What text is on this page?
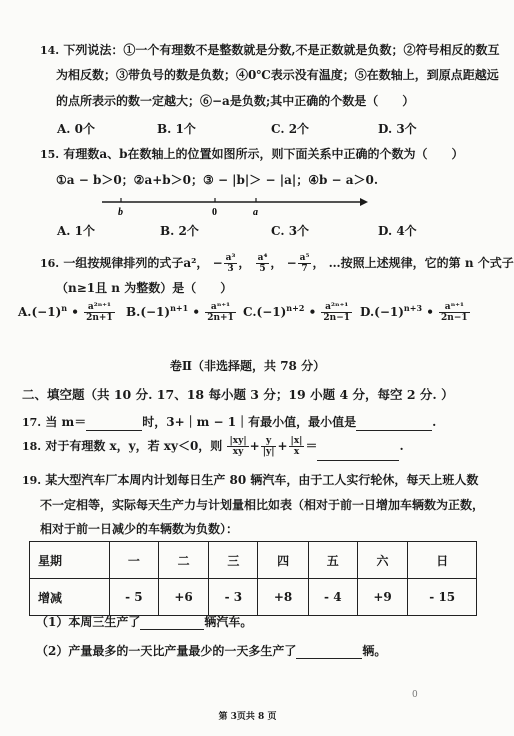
14. 下列说法：①一个有理数不是整数就是分数,不是正数就是负数；②符号相反的数互
为相反数；③带负号的数是负数；④0℃表示没有温度；⑤在数轴上，到原点距越远
的点所表示的数一定越大；⑥−a是负数;其中正确的个数是（　　）
A. 0个	B. 1个	C. 2个	D. 3个
15. 有理数a、b在数轴上的位置如图所示，则下面关系中正确的个数为（　　）
①a − b＞0；②a+b＞0；③ − |b|＞ − |a|；④b − a＞0.
b	0	a
A. 1个	B. 2个	C. 3个	D. 4个
16. 一组按规律排列的式子a²， − $\frac{\text{a³}}{3}$ ， $\frac{\text{a⁴}}{5}$ ， − $\frac{\text{a⁵}}{7}$ ， …按照上述规律，它的第 n 个式子
（n≥1且 n 为整数）是（　　）
$A.(-1)^n$ • $\frac{\text{a²ⁿ⁺¹}}{2n+1} B.(-1)^{n+1}$ • $\frac{\text{aⁿ⁺¹}}{2n+1} C.(-1)^{n+2}$ • $\frac{\text{a²ⁿ⁺¹}}{2n-1} D.(-1)^{n+3}$ • $\frac{\text{aⁿ⁺¹}}{2n-1}$
卷Ⅱ（非选择题，共 78 分）
二、填空题（共 10 分. 17、18 每小题 3 分；19 小题 4 分，每空 2 分. ）
17. 当 m＝	时，3+｜m − 1｜有最小值，最小值是	.
18. 对于有理数 x，y，若 xy＜0，则 $\frac{|xy|}{xy} + \frac{y}{|y|} + \frac{|x|}{x}$ ＝	.
19. 某大型汽车厂本周内计划每日生产 80 辆汽车，由于工人实行轮休，每天上班人数
不一定相等，实际每天生产力与计划量相比如表（相对于前一日增加车辆数为正数，
相对于前一日减少的车辆数为负数）：
星期	一	二	三	四	五	六	日
增减	- 5	+6	- 3	+8	- 4	+9	- 15
（1）本周三生产了	辆汽车。
（2）产量最多的一天比产量最少的一天多生产了	辆。
0
第 3页共 8 页
